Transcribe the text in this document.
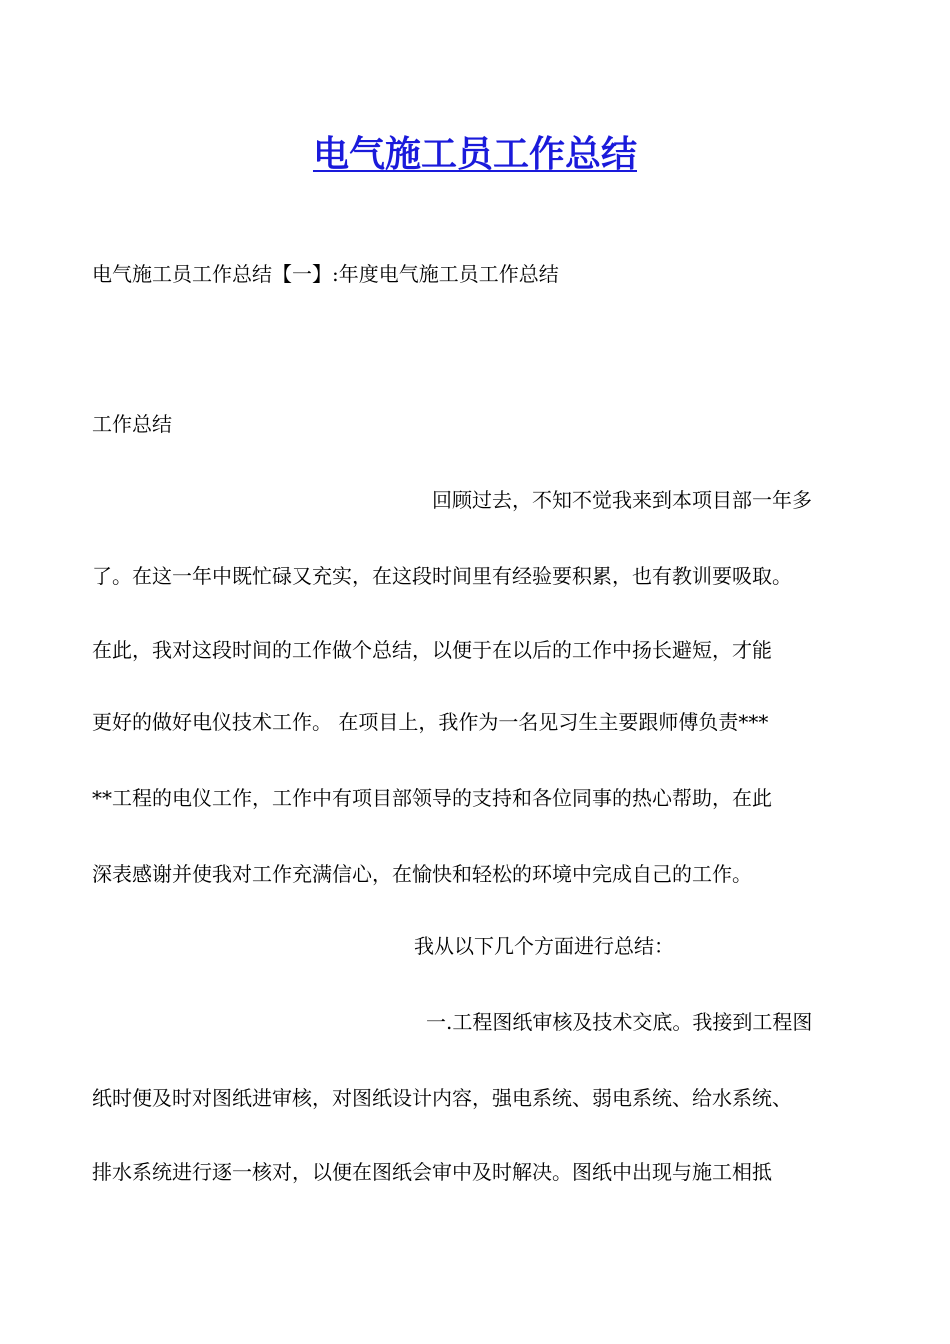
电气施工员工作总结
电气施工员工作总结【一】:年度电气施工员工作总结
工作总结
回顾过去，不知不觉我来到本项目部一年多
了。在这一年中既忙碌又充实，在这段时间里有经验要积累，也有教训要吸取。
在此，我对这段时间的工作做个总结，以便于在以后的工作中扬长避短，才能
更好的做好电仪技术工作。 在项目上，我作为一名见习生主要跟师傅负责***
**工程的电仪工作，工作中有项目部领导的支持和各位同事的热心帮助，在此
深表感谢并使我对工作充满信心，在愉快和轻松的环境中完成自己的工作。
我从以下几个方面进行总结：
一.工程图纸审核及技术交底。我接到工程图
纸时便及时对图纸进审核，对图纸设计内容，强电系统、弱电系统、给水系统、
排水系统进行逐一核对，以便在图纸会审中及时解决。图纸中出现与施工相抵
